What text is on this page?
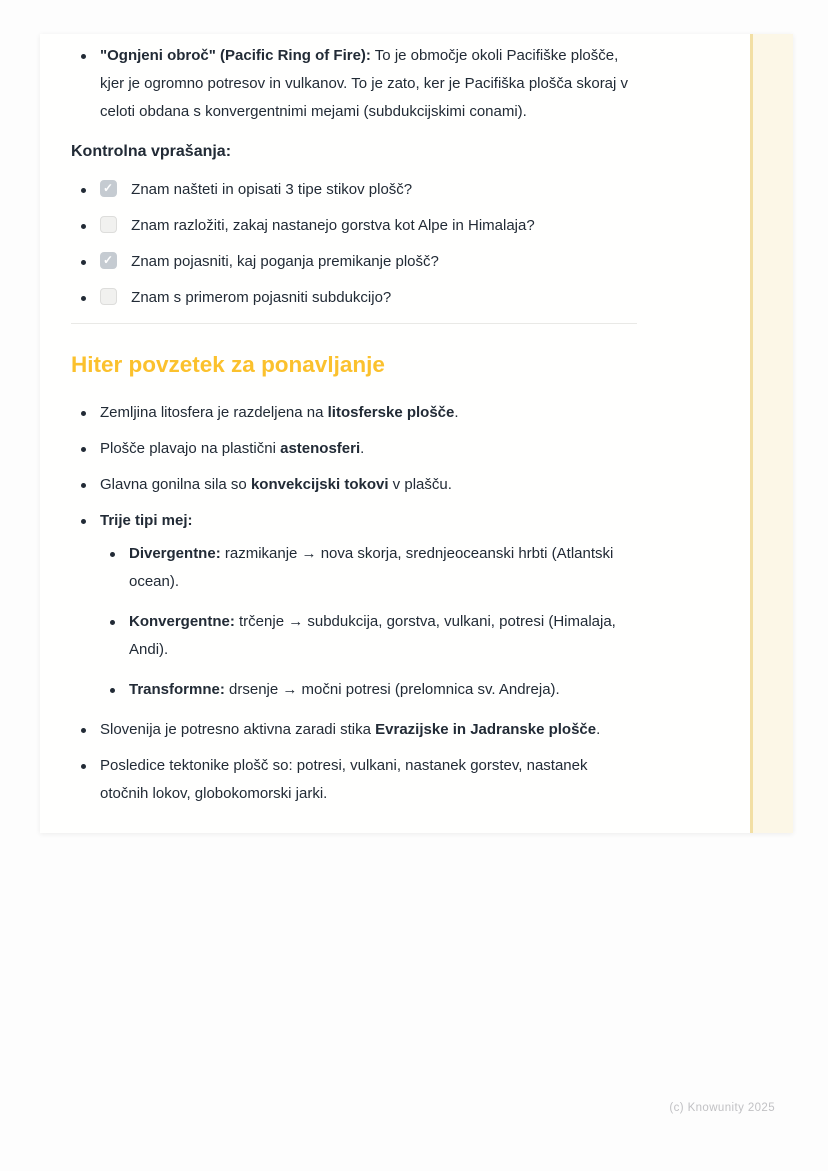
"Ognjeni obroč" (Pacific Ring of Fire): To je območje okoli Pacifiške plošče, kjer je ogromno potresov in vulkanov. To je zato, ker je Pacifiška plošča skoraj v celoti obdana s konvergentnimi mejami (subdukcijskimi conami).
Kontrolna vprašanja:
✓ Znam našteti in opisati 3 tipe stikov plošč?
Znam razložiti, zakaj nastanejo gorstva kot Alpe in Himalaja?
✓ Znam pojasniti, kaj poganja premikanje plošč?
Znam s primerom pojasniti subdukcijo?
Hiter povzetek za ponavljanje
Zemljina litosfera je razdeljena na litosferske plošče.
Plošče plavajo na plastični astenosferi.
Glavna gonilna sila so konvekcijski tokovi v plašču.
Trije tipi mej:
Divergentne: razmikanje → nova skorja, srednjeoceanski hrbti (Atlantski ocean).
Konvergentne: trčenje → subdukcija, gorstva, vulkani, potresi (Himalaja, Andi).
Transformne: drsenje → močni potresi (prelomnica sv. Andreja).
Slovenija je potresno aktivna zaradi stika Evrazijske in Jadranske plošče.
Posledice tektonike plošč so: potresi, vulkani, nastanek gorstev, nastanek otočnih lokov, globokomorski jarki.
(c) Knowunity 2025
